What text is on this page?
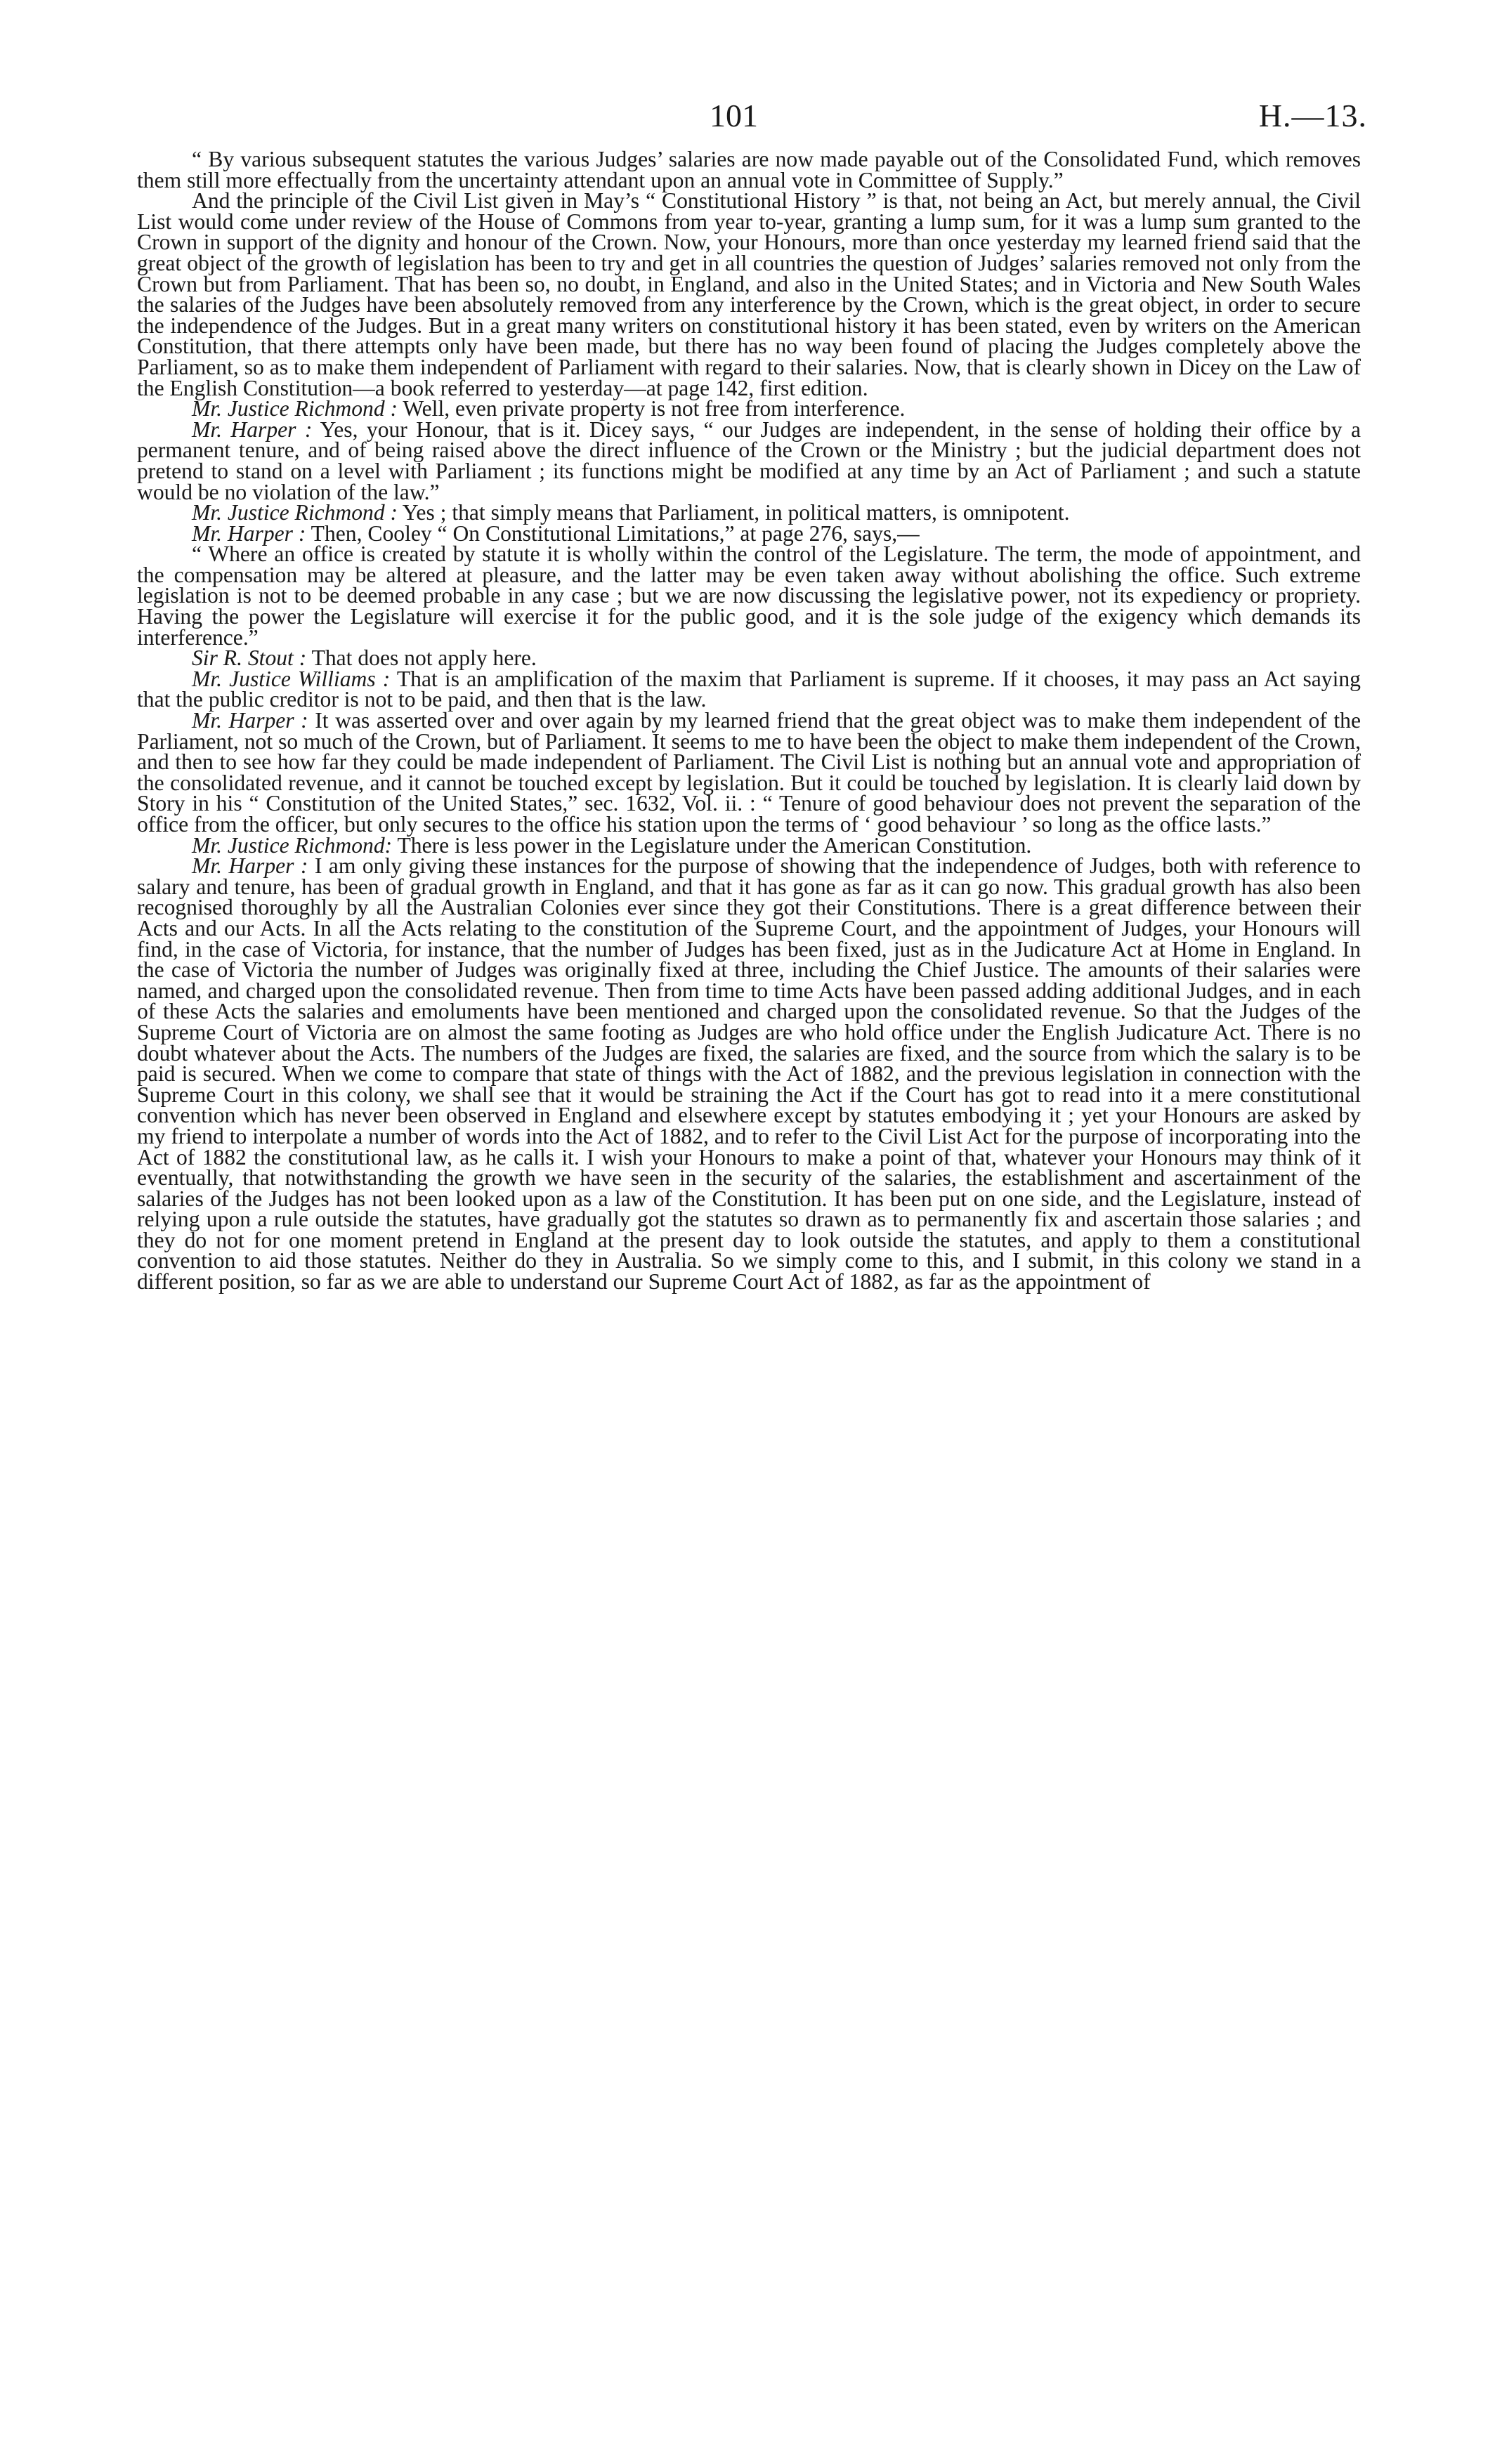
101	H.—13.

“ By various subsequent statutes the various Judges’ salaries are now made payable out of the Consolidated Fund, which removes them still more effectually from the uncertainty attendant upon an annual vote in Committee of Supply.”

And the principle of the Civil List given in May’s “ Constitutional History ” is that, not being an Act, but merely annual, the Civil List would come under review of the House of Commons from year to-year, granting a lump sum, for it was a lump sum granted to the Crown in support of the dignity and honour of the Crown. Now, your Honours, more than once yesterday my learned friend said that the great object of the growth of legislation has been to try and get in all countries the question of Judges’ salaries removed not only from the Crown but from Parliament. That has been so, no doubt, in England, and also in the United States; and in Victoria and New South Wales the salaries of the Judges have been absolutely removed from any interference by the Crown, which is the great object, in order to secure the independence of the Judges. But in a great many writers on constitutional history it has been stated, even by writers on the American Constitution, that there attempts only have been made, but there has no way been found of placing the Judges completely above the Parliament, so as to make them independent of Parliament with regard to their salaries. Now, that is clearly shown in Dicey on the Law of the English Constitution—a book referred to yesterday—at page 142, first edition.

Mr. Justice Richmond : Well, even private property is not free from interference.

Mr. Harper : Yes, your Honour, that is it. Dicey says, “ our Judges are independent, in the sense of holding their office by a permanent tenure, and of being raised above the direct influence of the Crown or the Ministry ; but the judicial department does not pretend to stand on a level with Parliament ; its functions might be modified at any time by an Act of Parliament ; and such a statute would be no violation of the law.”

Mr. Justice Richmond : Yes ; that simply means that Parliament, in political matters, is omnipotent.

Mr. Harper : Then, Cooley “ On Constitutional Limitations,” at page 276, says,—

“ Where an office is created by statute it is wholly within the control of the Legislature. The term, the mode of appointment, and the compensation may be altered at pleasure, and the latter may be even taken away without abolishing the office. Such extreme legislation is not to be deemed probable in any case ; but we are now discussing the legislative power, not its expediency or propriety. Having the power the Legislature will exercise it for the public good, and it is the sole judge of the exigency which demands its interference.”

Sir R. Stout : That does not apply here.

Mr. Justice Williams : That is an amplification of the maxim that Parliament is supreme. If it chooses, it may pass an Act saying that the public creditor is not to be paid, and then that is the law.

Mr. Harper : It was asserted over and over again by my learned friend that the great object was to make them independent of the Parliament, not so much of the Crown, but of Parliament. It seems to me to have been the object to make them independent of the Crown, and then to see how far they could be made independent of Parliament. The Civil List is nothing but an annual vote and appropriation of the consolidated revenue, and it cannot be touched except by legislation. But it could be touched by legislation. It is clearly laid down by Story in his “ Constitution of the United States,” sec. 1632, Vol. ii. : “ Tenure of good behaviour does not prevent the separation of the office from the officer, but only secures to the office his station upon the terms of ‘ good behaviour ’ so long as the office lasts.”

Mr. Justice Richmond: There is less power in the Legislature under the American Constitution.

Mr. Harper : I am only giving these instances for the purpose of showing that the independence of Judges, both with reference to salary and tenure, has been of gradual growth in England, and that it has gone as far as it can go now. This gradual growth has also been recognised thoroughly by all the Australian Colonies ever since they got their Constitutions. There is a great difference between their Acts and our Acts. In all the Acts relating to the constitution of the Supreme Court, and the appointment of Judges, your Honours will find, in the case of Victoria, for instance, that the number of Judges has been fixed, just as in the Judicature Act at Home in England. In the case of Victoria the number of Judges was originally fixed at three, including the Chief Justice. The amounts of their salaries were named, and charged upon the consolidated revenue. Then from time to time Acts have been passed adding additional Judges, and in each of these Acts the salaries and emoluments have been mentioned and charged upon the consolidated revenue. So that the Judges of the Supreme Court of Victoria are on almost the same footing as Judges are who hold office under the English Judicature Act. There is no doubt whatever about the Acts. The numbers of the Judges are fixed, the salaries are fixed, and the source from which the salary is to be paid is secured. When we come to compare that state of things with the Act of 1882, and the previous legislation in connection with the Supreme Court in this colony, we shall see that it would be straining the Act if the Court has got to read into it a mere constitutional convention which has never been observed in England and elsewhere except by statutes embodying it ; yet your Honours are asked by my friend to interpolate a number of words into the Act of 1882, and to refer to the Civil List Act for the purpose of incorporating into the Act of 1882 the constitutional law, as he calls it. I wish your Honours to make a point of that, whatever your Honours may think of it eventually, that notwithstanding the growth we have seen in the security of the salaries, the establishment and ascertainment of the salaries of the Judges has not been looked upon as a law of the Constitution. It has been put on one side, and the Legislature, instead of relying upon a rule outside the statutes, have gradually got the statutes so drawn as to permanently fix and ascertain those salaries ; and they do not for one moment pretend in England at the present day to look outside the statutes, and apply to them a constitutional convention to aid those statutes. Neither do they in Australia. So we simply come to this, and I submit, in this colony we stand in a different position, so far as we are able to understand our Supreme Court Act of 1882, as far as the appointment of
